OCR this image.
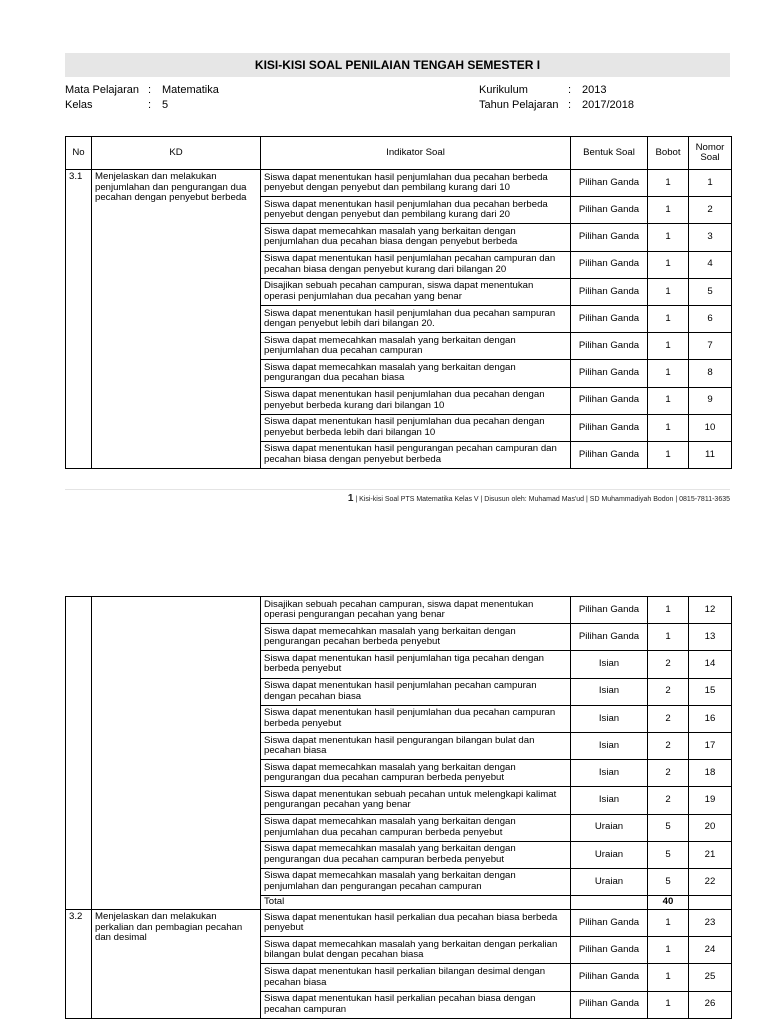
KISI-KISI SOAL PENILAIAN TENGAH SEMESTER I
Mata Pelajaran : Matematika
Kelas	: 5
Kurikulum	: 2013
Tahun Pelajaran : 2017/2018
No	KD	Indikator Soal	Bentuk Soal	Bobot	Nomor Soal
3.1	Menjelaskan dan melakukan penjumlahan dan pengurangan dua pecahan dengan penyebut berbeda	Siswa dapat menentukan hasil penjumlahan dua pecahan berbeda penyebut dengan penyebut dan pembilang kurang dari 10	Pilihan Ganda	1	1
		Siswa dapat menentukan hasil penjumlahan dua pecahan berbeda penyebut dengan penyebut dan pembilang kurang dari 20	Pilihan Ganda	1	2
		Siswa dapat memecahkan masalah yang berkaitan dengan penjumlahan dua pecahan biasa dengan penyebut berbeda	Pilihan Ganda	1	3
		Siswa dapat menentukan hasil penjumlahan pecahan campuran dan pecahan biasa dengan penyebut kurang dari bilangan 20	Pilihan Ganda	1	4
		Disajikan sebuah pecahan campuran, siswa dapat menentukan operasi penjumlahan dua pecahan yang benar	Pilihan Ganda	1	5
		Siswa dapat menentukan hasil penjumlahan dua pecahan sampuran dengan penyebut lebih dari bilangan 20.	Pilihan Ganda	1	6
		Siswa dapat memecahkan masalah yang berkaitan dengan penjumlahan dua pecahan campuran	Pilihan Ganda	1	7
		Siswa dapat memecahkan masalah yang berkaitan dengan pengurangan dua pecahan biasa	Pilihan Ganda	1	8
		Siswa dapat menentukan hasil penjumlahan dua pecahan dengan penyebut berbeda kurang dari bilangan 10	Pilihan Ganda	1	9
		Siswa dapat menentukan hasil penjumlahan dua pecahan dengan penyebut berbeda lebih dari bilangan 10	Pilihan Ganda	1	10
		Siswa dapat menentukan hasil pengurangan pecahan campuran dan pecahan biasa dengan penyebut berbeda	Pilihan Ganda	1	11
1 | Kisi-kisi Soal PTS Matematika Kelas V | Disusun oleh: Muhamad Mas'ud | SD Muhammadiyah Bodon | 0815-7811-3635
		Disajikan sebuah pecahan campuran, siswa dapat menentukan operasi pengurangan pecahan yang benar	Pilihan Ganda	1	12
		Siswa dapat memecahkan masalah yang berkaitan dengan pengurangan pecahan berbeda penyebut	Pilihan Ganda	1	13
		Siswa dapat menentukan hasil penjumlahan tiga pecahan dengan berbeda penyebut	Isian	2	14
		Siswa dapat menentukan hasil penjumlahan pecahan campuran dengan pecahan biasa	Isian	2	15
		Siswa dapat menentukan hasil penjumlahan dua pecahan campuran berbeda penyebut	Isian	2	16
		Siswa dapat menentukan hasil pengurangan bilangan bulat dan pecahan biasa	Isian	2	17
		Siswa dapat memecahkan masalah yang berkaitan dengan pengurangan dua pecahan campuran berbeda penyebut	Isian	2	18
		Siswa dapat menentukan sebuah pecahan untuk melengkapi kalimat pengurangan pecahan yang benar	Isian	2	19
		Siswa dapat memecahkan masalah yang berkaitan dengan penjumlahan dua pecahan campuran berbeda penyebut	Uraian	5	20
		Siswa dapat memecahkan masalah yang berkaitan dengan pengurangan dua pecahan campuran berbeda penyebut	Uraian	5	21
		Siswa dapat memecahkan masalah yang berkaitan dengan penjumlahan dan pengurangan pecahan campuran	Uraian	5	22
		Total		40	
3.2	Menjelaskan dan melakukan perkalian dan pembagian pecahan dan desimal	Siswa dapat menentukan hasil perkalian dua pecahan biasa berbeda penyebut	Pilihan Ganda	1	23
		Siswa dapat memecahkan masalah yang berkaitan dengan perkalian bilangan bulat dengan pecahan biasa	Pilihan Ganda	1	24
		Siswa dapat menentukan hasil perkalian bilangan desimal dengan pecahan biasa	Pilihan Ganda	1	25
		Siswa dapat menentukan hasil perkalian pecahan biasa dengan pecahan campuran	Pilihan Ganda	1	26
